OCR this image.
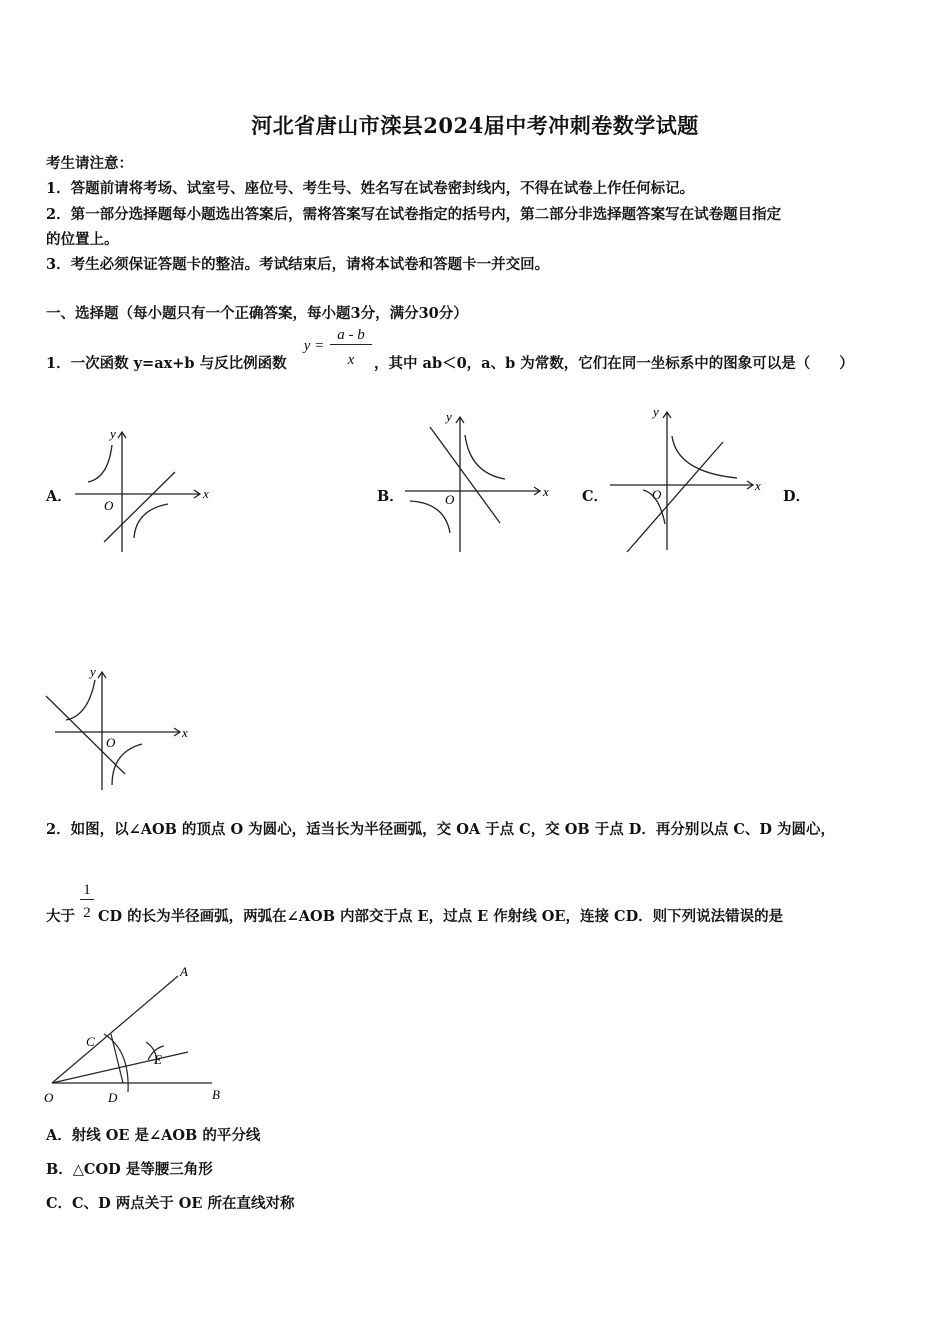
河北省唐山市滦县2024届中考冲刺卷数学试题
考生请注意：
1．答题前请将考场、试室号、座位号、考生号、姓名写在试卷密封线内，不得在试卷上作任何标记。
2．第一部分选择题每小题选出答案后，需将答案写在试卷指定的括号内，第二部分非选择题答案写在试卷题目指定
的位置上。
3．考生必须保证答题卡的整洁。考试结束后，请将本试卷和答题卡一并交回。
一、选择题（每小题只有一个正确答案，每小题3分，满分30分）
1．一次函数 y=ax+b 与反比例函数
y =
a - b
x	，其中 ab＜0，a、b 为常数，它们在同一坐标系中的图象可以是（　　）
A．	B．	C．	D．
x
y
O
x
y
O
x
y
O
x
y
O
2．如图，以∠AOB 的顶点 O 为圆心，适当长为半径画弧，交 OA 于点 C，交 OB 于点 D．再分别以点 C、D 为圆心，
大于
1
2 CD 的长为半径画弧，两弧在∠AOB 内部交于点 E，过点 E 作射线 OE，连接 CD．则下列说法错误的是
A
B
C
D
E
O
A．射线 OE 是∠AOB 的平分线
B．△COD 是等腰三角形
C．C、D 两点关于 OE 所在直线对称
